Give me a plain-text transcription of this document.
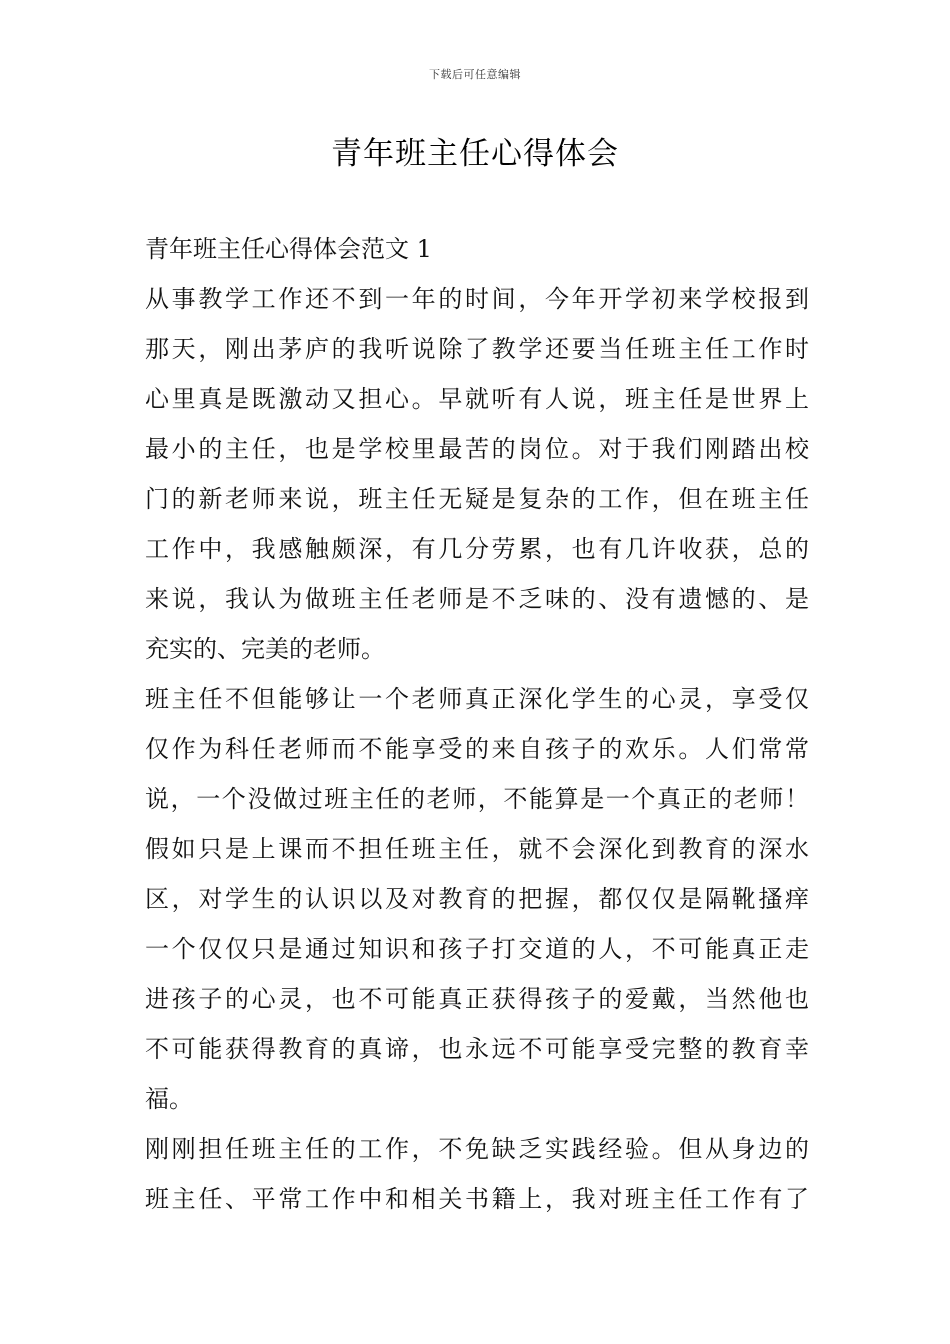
下载后可任意编辑
青年班主任心得体会
青年班主任心得体会范文 1
从事教学工作还不到一年的时间，今年开学初来学校报到
那天，刚出茅庐的我听说除了教学还要当任班主任工作时
心里真是既激动又担心。早就听有人说，班主任是世界上
最小的主任，也是学校里最苦的岗位。对于我们刚踏出校
门的新老师来说，班主任无疑是复杂的工作，但在班主任
工作中，我感触颇深，有几分劳累，也有几许收获，总的
来说，我认为做班主任老师是不乏味的、没有遗憾的、是
充实的、完美的老师。
班主任不但能够让一个老师真正深化学生的心灵，享受仅
仅作为科任老师而不能享受的来自孩子的欢乐。人们常常
说，一个没做过班主任的老师，不能算是一个真正的老师！
假如只是上课而不担任班主任，就不会深化到教育的深水
区，对学生的认识以及对教育的把握，都仅仅是隔靴搔痒
一个仅仅只是通过知识和孩子打交道的人，不可能真正走
进孩子的心灵，也不可能真正获得孩子的爱戴，当然他也
不可能获得教育的真谛，也永远不可能享受完整的教育幸
福。
刚刚担任班主任的工作，不免缺乏实践经验。但从身边的
班主任、平常工作中和相关书籍上，我对班主任工作有了
